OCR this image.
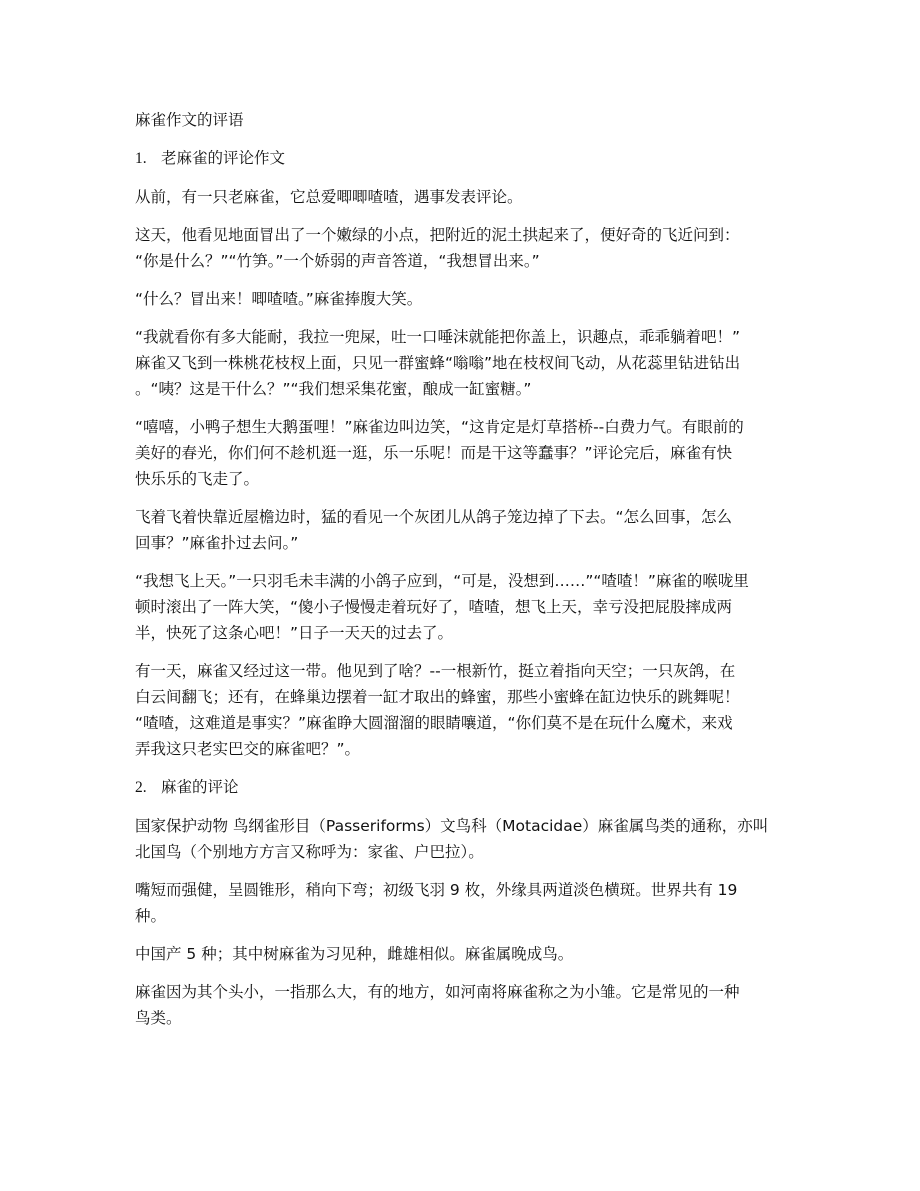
麻雀作文的评语
1. 老麻雀的评论作文
从前，有一只老麻雀，它总爱唧唧喳喳，遇事发表评论。
这天，他看见地面冒出了一个嫩绿的小点，把附近的泥土拱起来了，便好奇的飞近问到：
“你是什么？”“竹笋。”一个娇弱的声音答道，“我想冒出来。”
“什么？冒出来！唧喳喳。”麻雀捧腹大笑。
“我就看你有多大能耐，我拉一兜屎，吐一口唾沫就能把你盖上，识趣点，乖乖躺着吧！”
麻雀又飞到一株桃花枝杈上面，只见一群蜜蜂“嗡嗡”地在枝杈间飞动，从花蕊里钻进钻出
。“咦？这是干什么？”“我们想采集花蜜，酿成一缸蜜糖。”
“嘻嘻，小鸭子想生大鹅蛋哩！”麻雀边叫边笑，“这肯定是灯草搭桥--白费力气。有眼前的
美好的春光，你们何不趁机逛一逛，乐一乐呢！而是干这等蠢事？”评论完后，麻雀有快
快乐乐的飞走了。
飞着飞着快靠近屋檐边时，猛的看见一个灰团儿从鸽子笼边掉了下去。“怎么回事，怎么
回事？”麻雀扑过去问。”
“我想飞上天。”一只羽毛未丰满的小鸽子应到，“可是，没想到……”“喳喳！”麻雀的喉咙里
顿时滚出了一阵大笑，“傻小子慢慢走着玩好了，喳喳，想飞上天，幸亏没把屁股摔成两
半，快死了这条心吧！”日子一天天的过去了。
有一天，麻雀又经过这一带。他见到了啥？--一根新竹，挺立着指向天空；一只灰鸽，在
白云间翻飞；还有，在蜂巢边摆着一缸才取出的蜂蜜，那些小蜜蜂在缸边快乐的跳舞呢！
“喳喳，这难道是事实？”麻雀睁大圆溜溜的眼睛嚷道，“你们莫不是在玩什么魔术，来戏
弄我这只老实巴交的麻雀吧？”。
2. 麻雀的评论
国家保护动物 鸟纲雀形目（Passeriforms）文鸟科（Motacidae）麻雀属鸟类的通称，亦叫
北国鸟（个别地方方言又称呼为：家雀、户巴拉）。
嘴短而强健，呈圆锥形，稍向下弯；初级飞羽 9 枚，外缘具两道淡色横斑。世界共有 19
种。
中国产 5 种；其中树麻雀为习见种，雌雄相似。麻雀属晚成鸟。
麻雀因为其个头小，一指那么大，有的地方，如河南将麻雀称之为小雏。它是常见的一种
鸟类。
